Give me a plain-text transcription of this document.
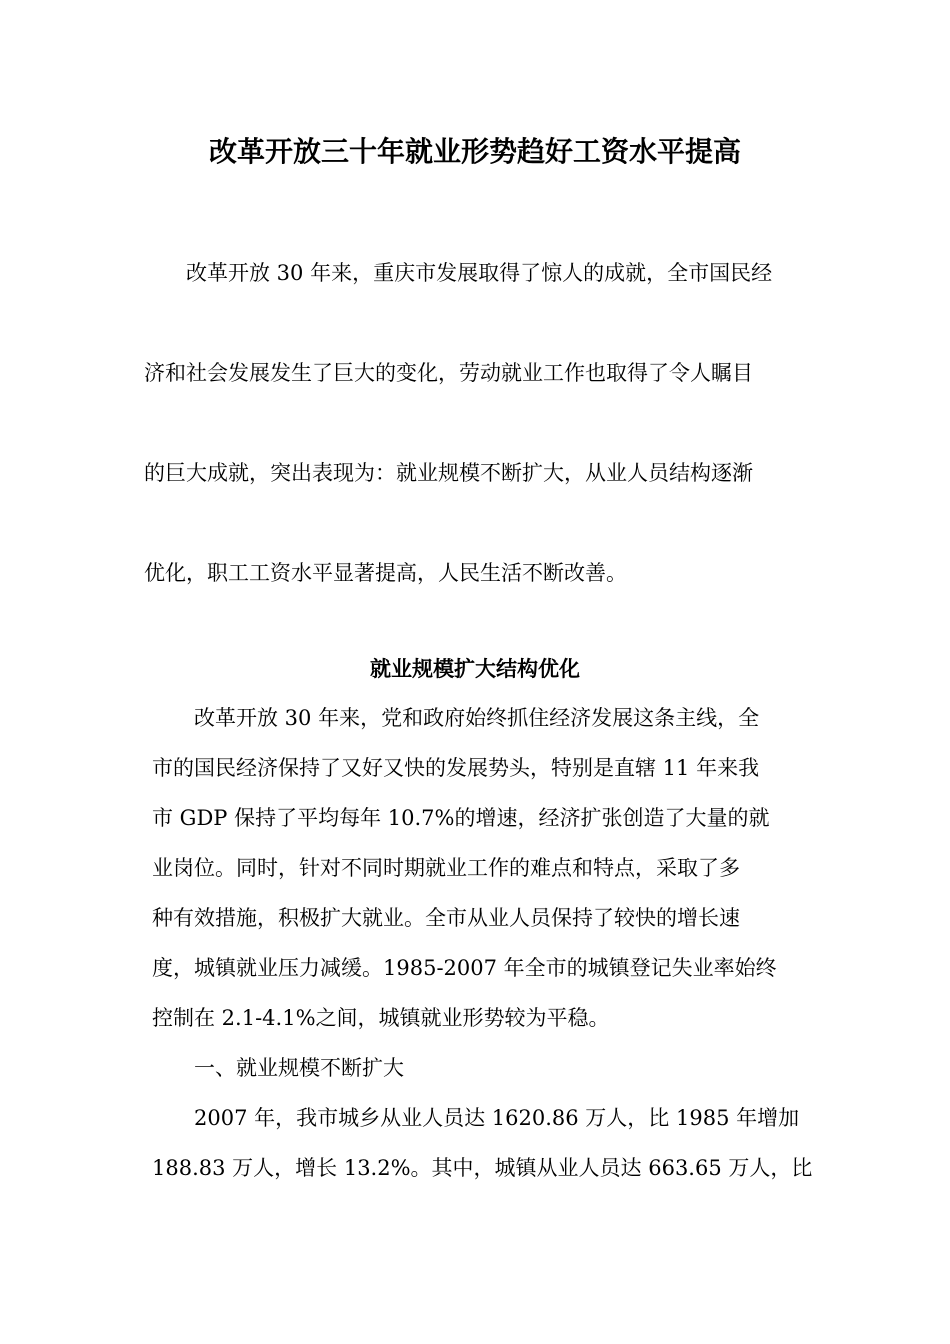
改革开放三十年就业形势趋好工资水平提高
　　改革开放 30 年来，重庆市发展取得了惊人的成就，全市国民经
济和社会发展发生了巨大的变化，劳动就业工作也取得了令人瞩目
的巨大成就，突出表现为：就业规模不断扩大，从业人员结构逐渐
优化，职工工资水平显著提高，人民生活不断改善。
就业规模扩大结构优化
　　改革开放 30 年来，党和政府始终抓住经济发展这条主线，全
市的国民经济保持了又好又快的发展势头，特别是直辖 11 年来我
市 GDP 保持了平均每年 10.7%的增速，经济扩张创造了大量的就
业岗位。同时，针对不同时期就业工作的难点和特点，采取了多
种有效措施，积极扩大就业。全市从业人员保持了较快的增长速
度，城镇就业压力减缓。1985-2007 年全市的城镇登记失业率始终
控制在 2.1-4.1%之间，城镇就业形势较为平稳。
　　一、就业规模不断扩大
　　2007 年，我市城乡从业人员达 1620.86 万人，比 1985 年增加
188.83 万人，增长 13.2%。其中，城镇从业人员达 663.65 万人，比
